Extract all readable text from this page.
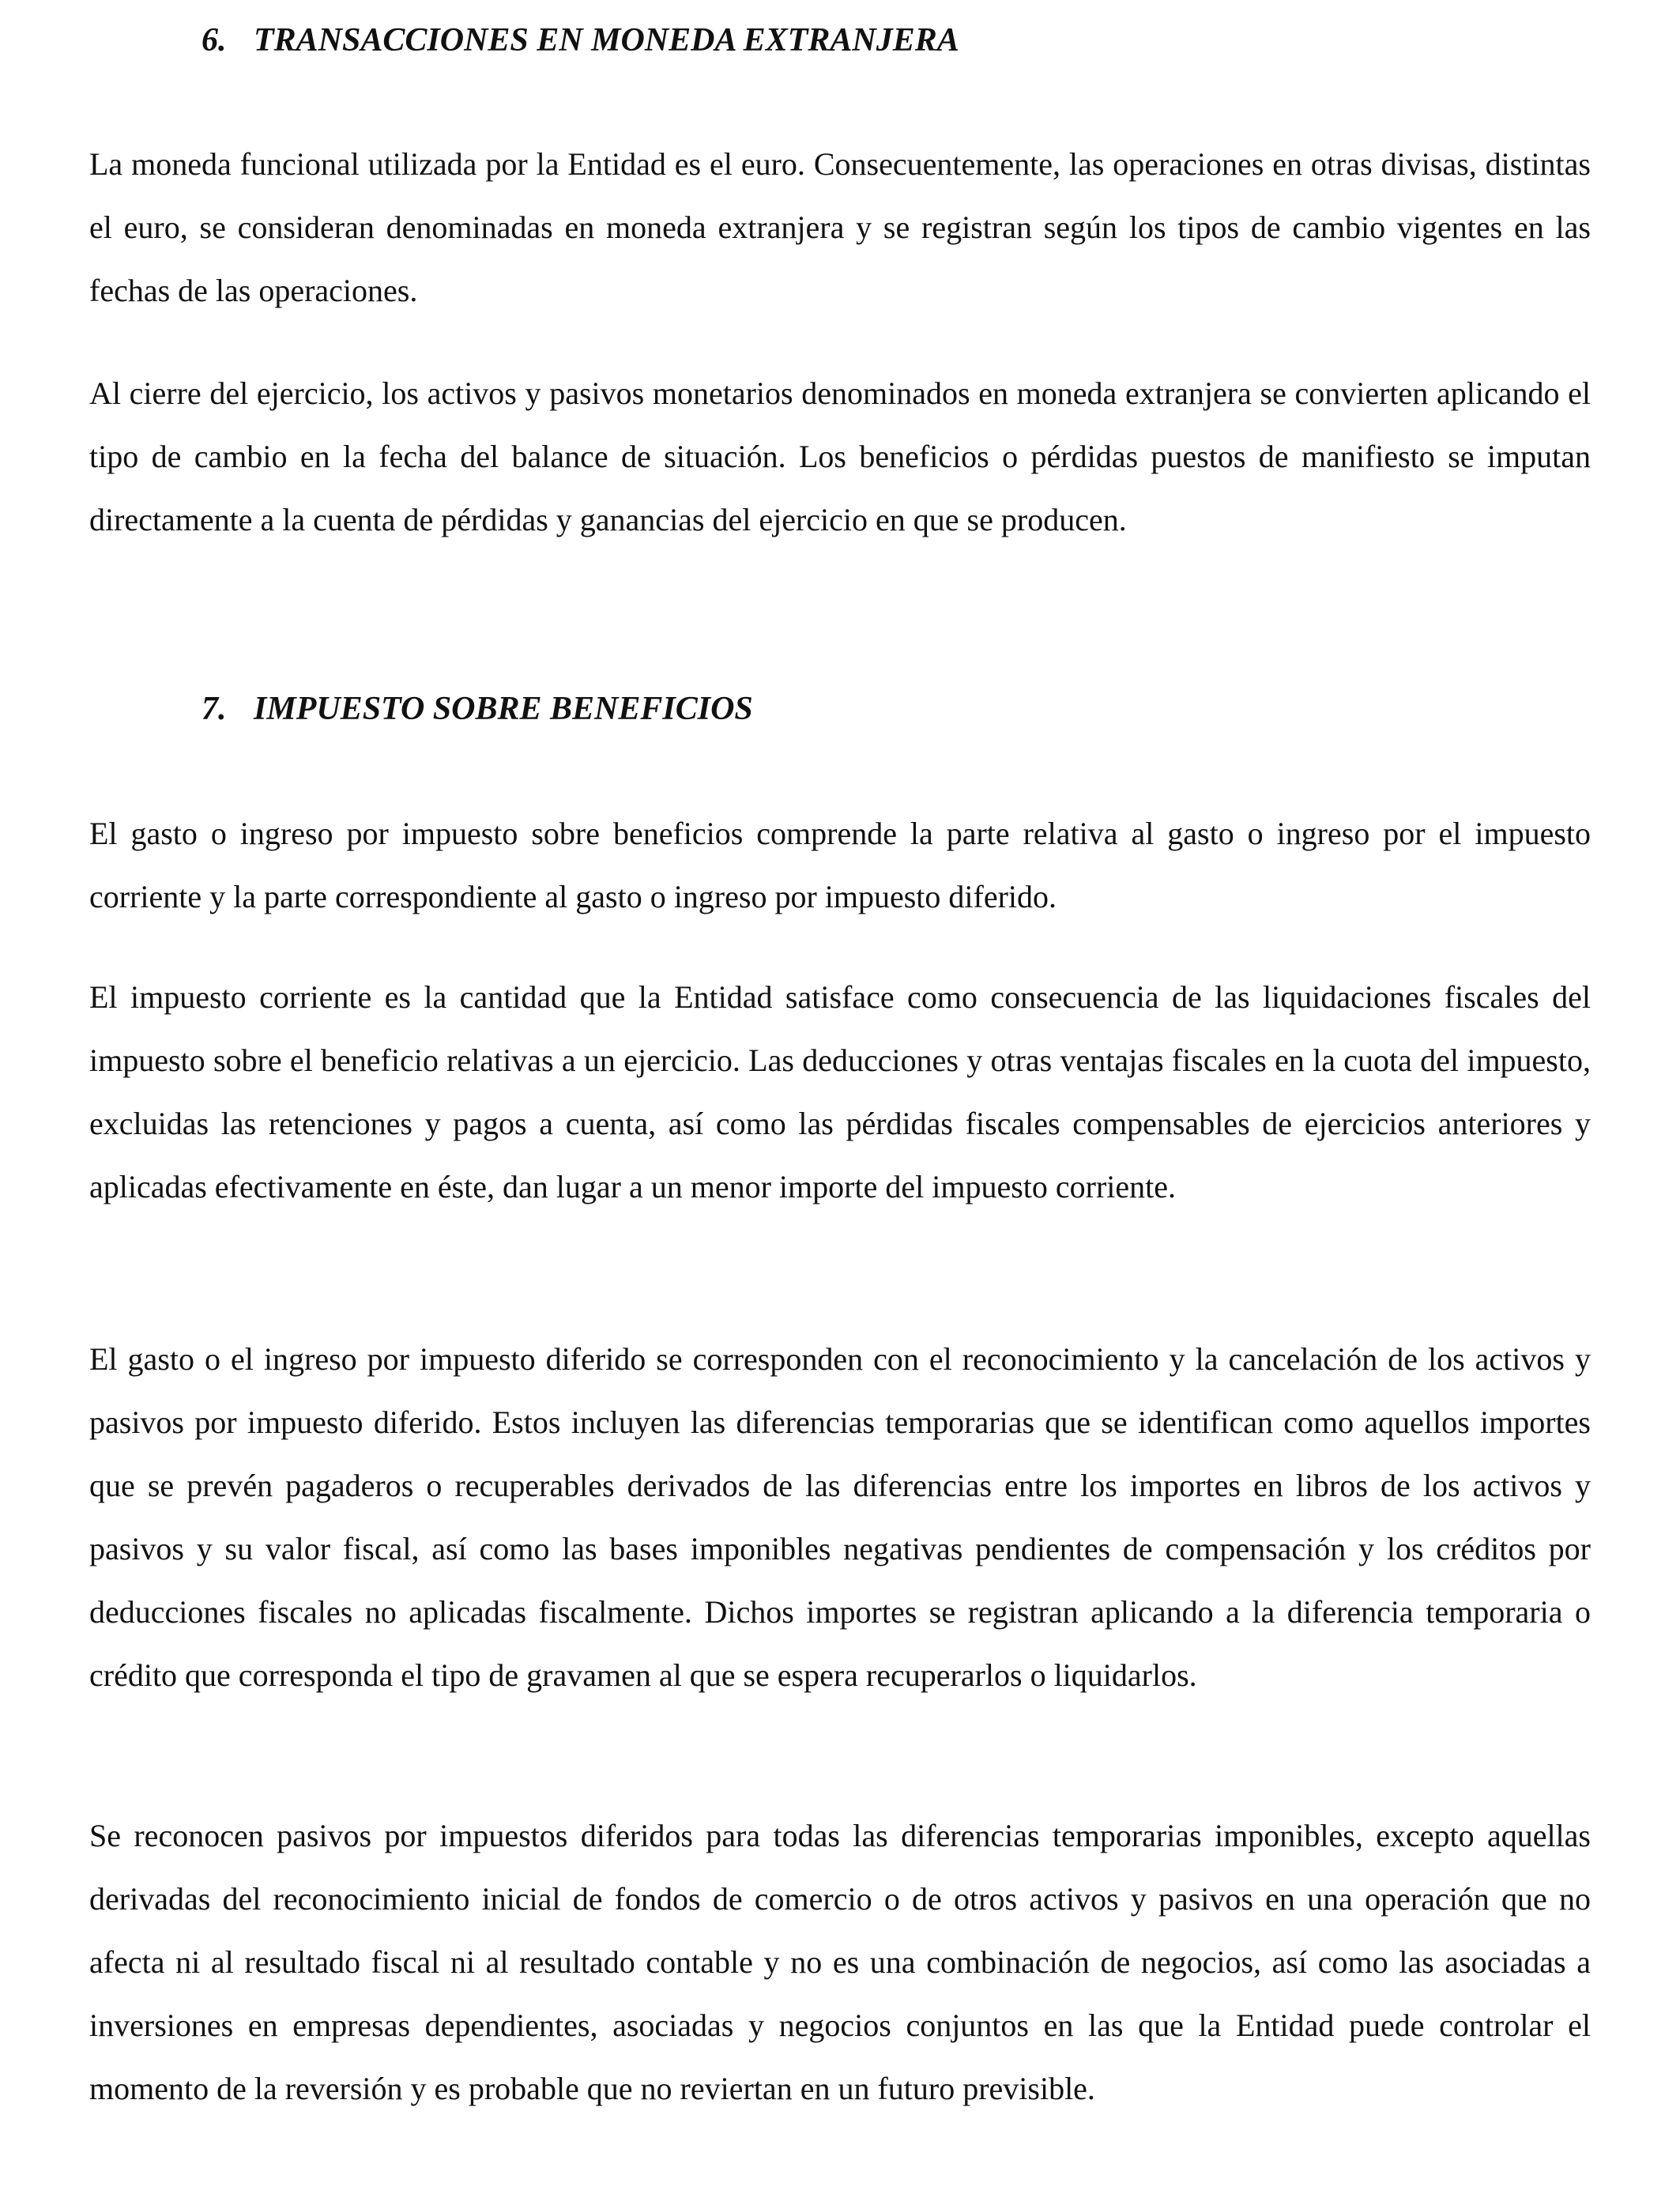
6. TRANSACCIONES EN MONEDA EXTRANJERA

La moneda funcional utilizada por la Entidad es el euro. Consecuentemente, las operaciones en otras divisas, distintas el euro, se consideran denominadas en moneda extranjera y se registran según los tipos de cambio vigentes en las fechas de las operaciones.

Al cierre del ejercicio, los activos y pasivos monetarios denominados en moneda extranjera se convierten aplicando el tipo de cambio en la fecha del balance de situación. Los beneficios o pérdidas puestos de manifiesto se imputan directamente a la cuenta de pérdidas y ganancias del ejercicio en que se producen.

7. IMPUESTO SOBRE BENEFICIOS

El gasto o ingreso por impuesto sobre beneficios comprende la parte relativa al gasto o ingreso por el impuesto corriente y la parte correspondiente al gasto o ingreso por impuesto diferido.

El impuesto corriente es la cantidad que la Entidad satisface como consecuencia de las liquidaciones fiscales del impuesto sobre el beneficio relativas a un ejercicio. Las deducciones y otras ventajas fiscales en la cuota del impuesto, excluidas las retenciones y pagos a cuenta, así como las pérdidas fiscales compensables de ejercicios anteriores y aplicadas efectivamente en éste, dan lugar a un menor importe del impuesto corriente.

El gasto o el ingreso por impuesto diferido se corresponden con el reconocimiento y la cancelación de los activos y pasivos por impuesto diferido. Estos incluyen las diferencias temporarias que se identifican como aquellos importes que se prevén pagaderos o recuperables derivados de las diferencias entre los importes en libros de los activos y pasivos y su valor fiscal, así como las bases imponibles negativas pendientes de compensación y los créditos por deducciones fiscales no aplicadas fiscalmente. Dichos importes se registran aplicando a la diferencia temporaria o crédito que corresponda el tipo de gravamen al que se espera recuperarlos o liquidarlos.

Se reconocen pasivos por impuestos diferidos para todas las diferencias temporarias imponibles, excepto aquellas derivadas del reconocimiento inicial de fondos de comercio o de otros activos y pasivos en una operación que no afecta ni al resultado fiscal ni al resultado contable y no es una combinación de negocios, así como las asociadas a inversiones en empresas dependientes, asociadas y negocios conjuntos en las que la Entidad puede controlar el momento de la reversión y es probable que no reviertan en un futuro previsible.
